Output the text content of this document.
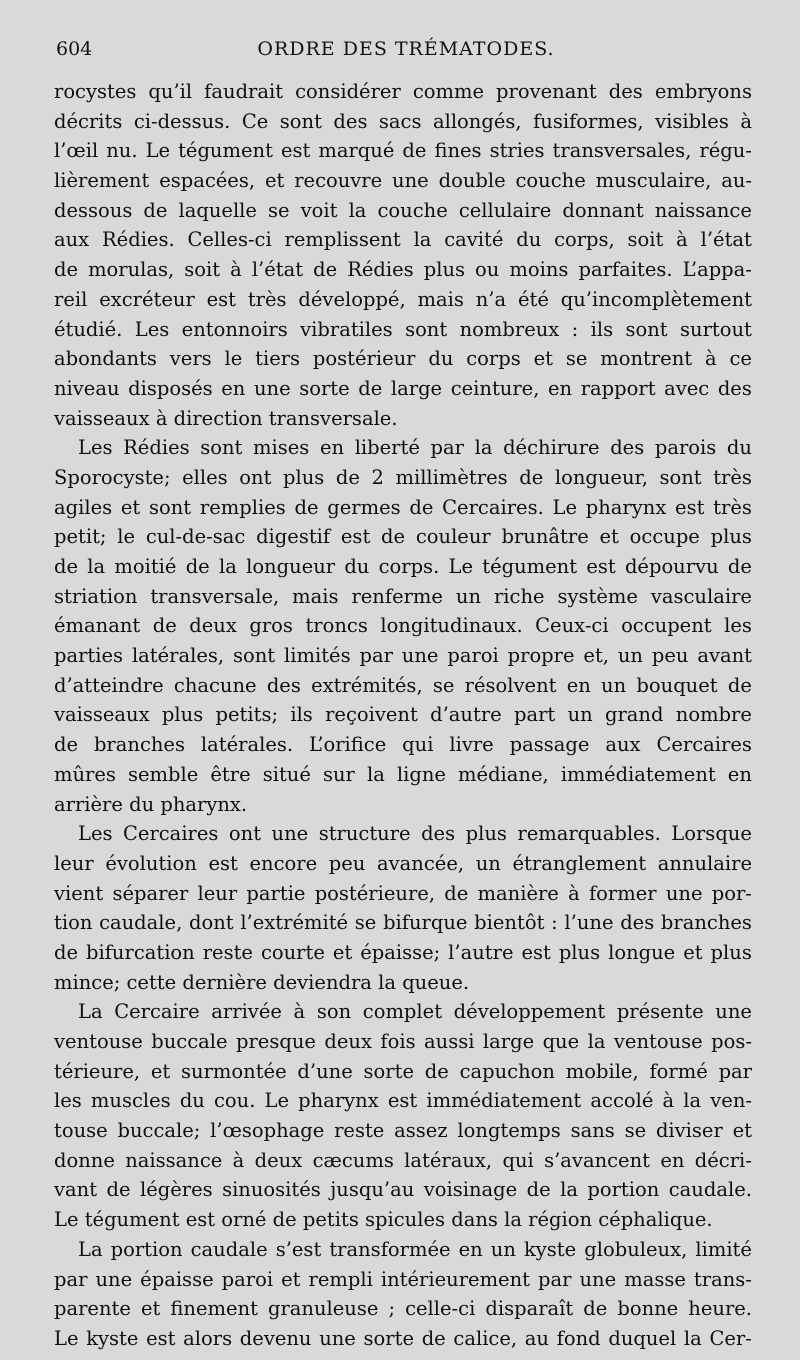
604	ORDRE DES TRÉMATODES.
rocystes qu’il faudrait considérer comme provenant des embryons
décrits ci-dessus. Ce sont des sacs allongés, fusiformes, visibles à
l’œil nu. Le tégument est marqué de fines stries transversales, régu-
lièrement espacées, et recouvre une double couche musculaire, au-
dessous de laquelle se voit la couche cellulaire donnant naissance
aux Rédies. Celles-ci remplissent la cavité du corps, soit à l’état
de morulas, soit à l’état de Rédies plus ou moins parfaites. L’appa-
reil excréteur est très développé, mais n’a été qu’incomplètement
étudié. Les entonnoirs vibratiles sont nombreux : ils sont surtout
abondants vers le tiers postérieur du corps et se montrent à ce
niveau disposés en une sorte de large ceinture, en rapport avec des
vaisseaux à direction transversale.
Les Rédies sont mises en liberté par la déchirure des parois du
Sporocyste; elles ont plus de 2 millimètres de longueur, sont très
agiles et sont remplies de germes de Cercaires. Le pharynx est très
petit; le cul-de-sac digestif est de couleur brunâtre et occupe plus
de la moitié de la longueur du corps. Le tégument est dépourvu de
striation transversale, mais renferme un riche système vasculaire
émanant de deux gros troncs longitudinaux. Ceux-ci occupent les
parties latérales, sont limités par une paroi propre et, un peu avant
d’atteindre chacune des extrémités, se résolvent en un bouquet de
vaisseaux plus petits; ils reçoivent d’autre part un grand nombre
de branches latérales. L’orifice qui livre passage aux Cercaires
mûres semble être situé sur la ligne médiane, immédiatement en
arrière du pharynx.
Les Cercaires ont une structure des plus remarquables. Lorsque
leur évolution est encore peu avancée, un étranglement annulaire
vient séparer leur partie postérieure, de manière à former une por-
tion caudale, dont l’extrémité se bifurque bientôt : l’une des branches
de bifurcation reste courte et épaisse; l’autre est plus longue et plus
mince; cette dernière deviendra la queue.
La Cercaire arrivée à son complet développement présente une
ventouse buccale presque deux fois aussi large que la ventouse pos-
térieure, et surmontée d’une sorte de capuchon mobile, formé par
les muscles du cou. Le pharynx est immédiatement accolé à la ven-
touse buccale; l’œsophage reste assez longtemps sans se diviser et
donne naissance à deux cæcums latéraux, qui s’avancent en décri-
vant de légères sinuosités jusqu’au voisinage de la portion caudale.
Le tégument est orné de petits spicules dans la région céphalique.
La portion caudale s’est transformée en un kyste globuleux, limité
par une épaisse paroi et rempli intérieurement par une masse trans-
parente et finement granuleuse ; celle-ci disparaît de bonne heure.
Le kyste est alors devenu une sorte de calice, au fond duquel la Cer-
